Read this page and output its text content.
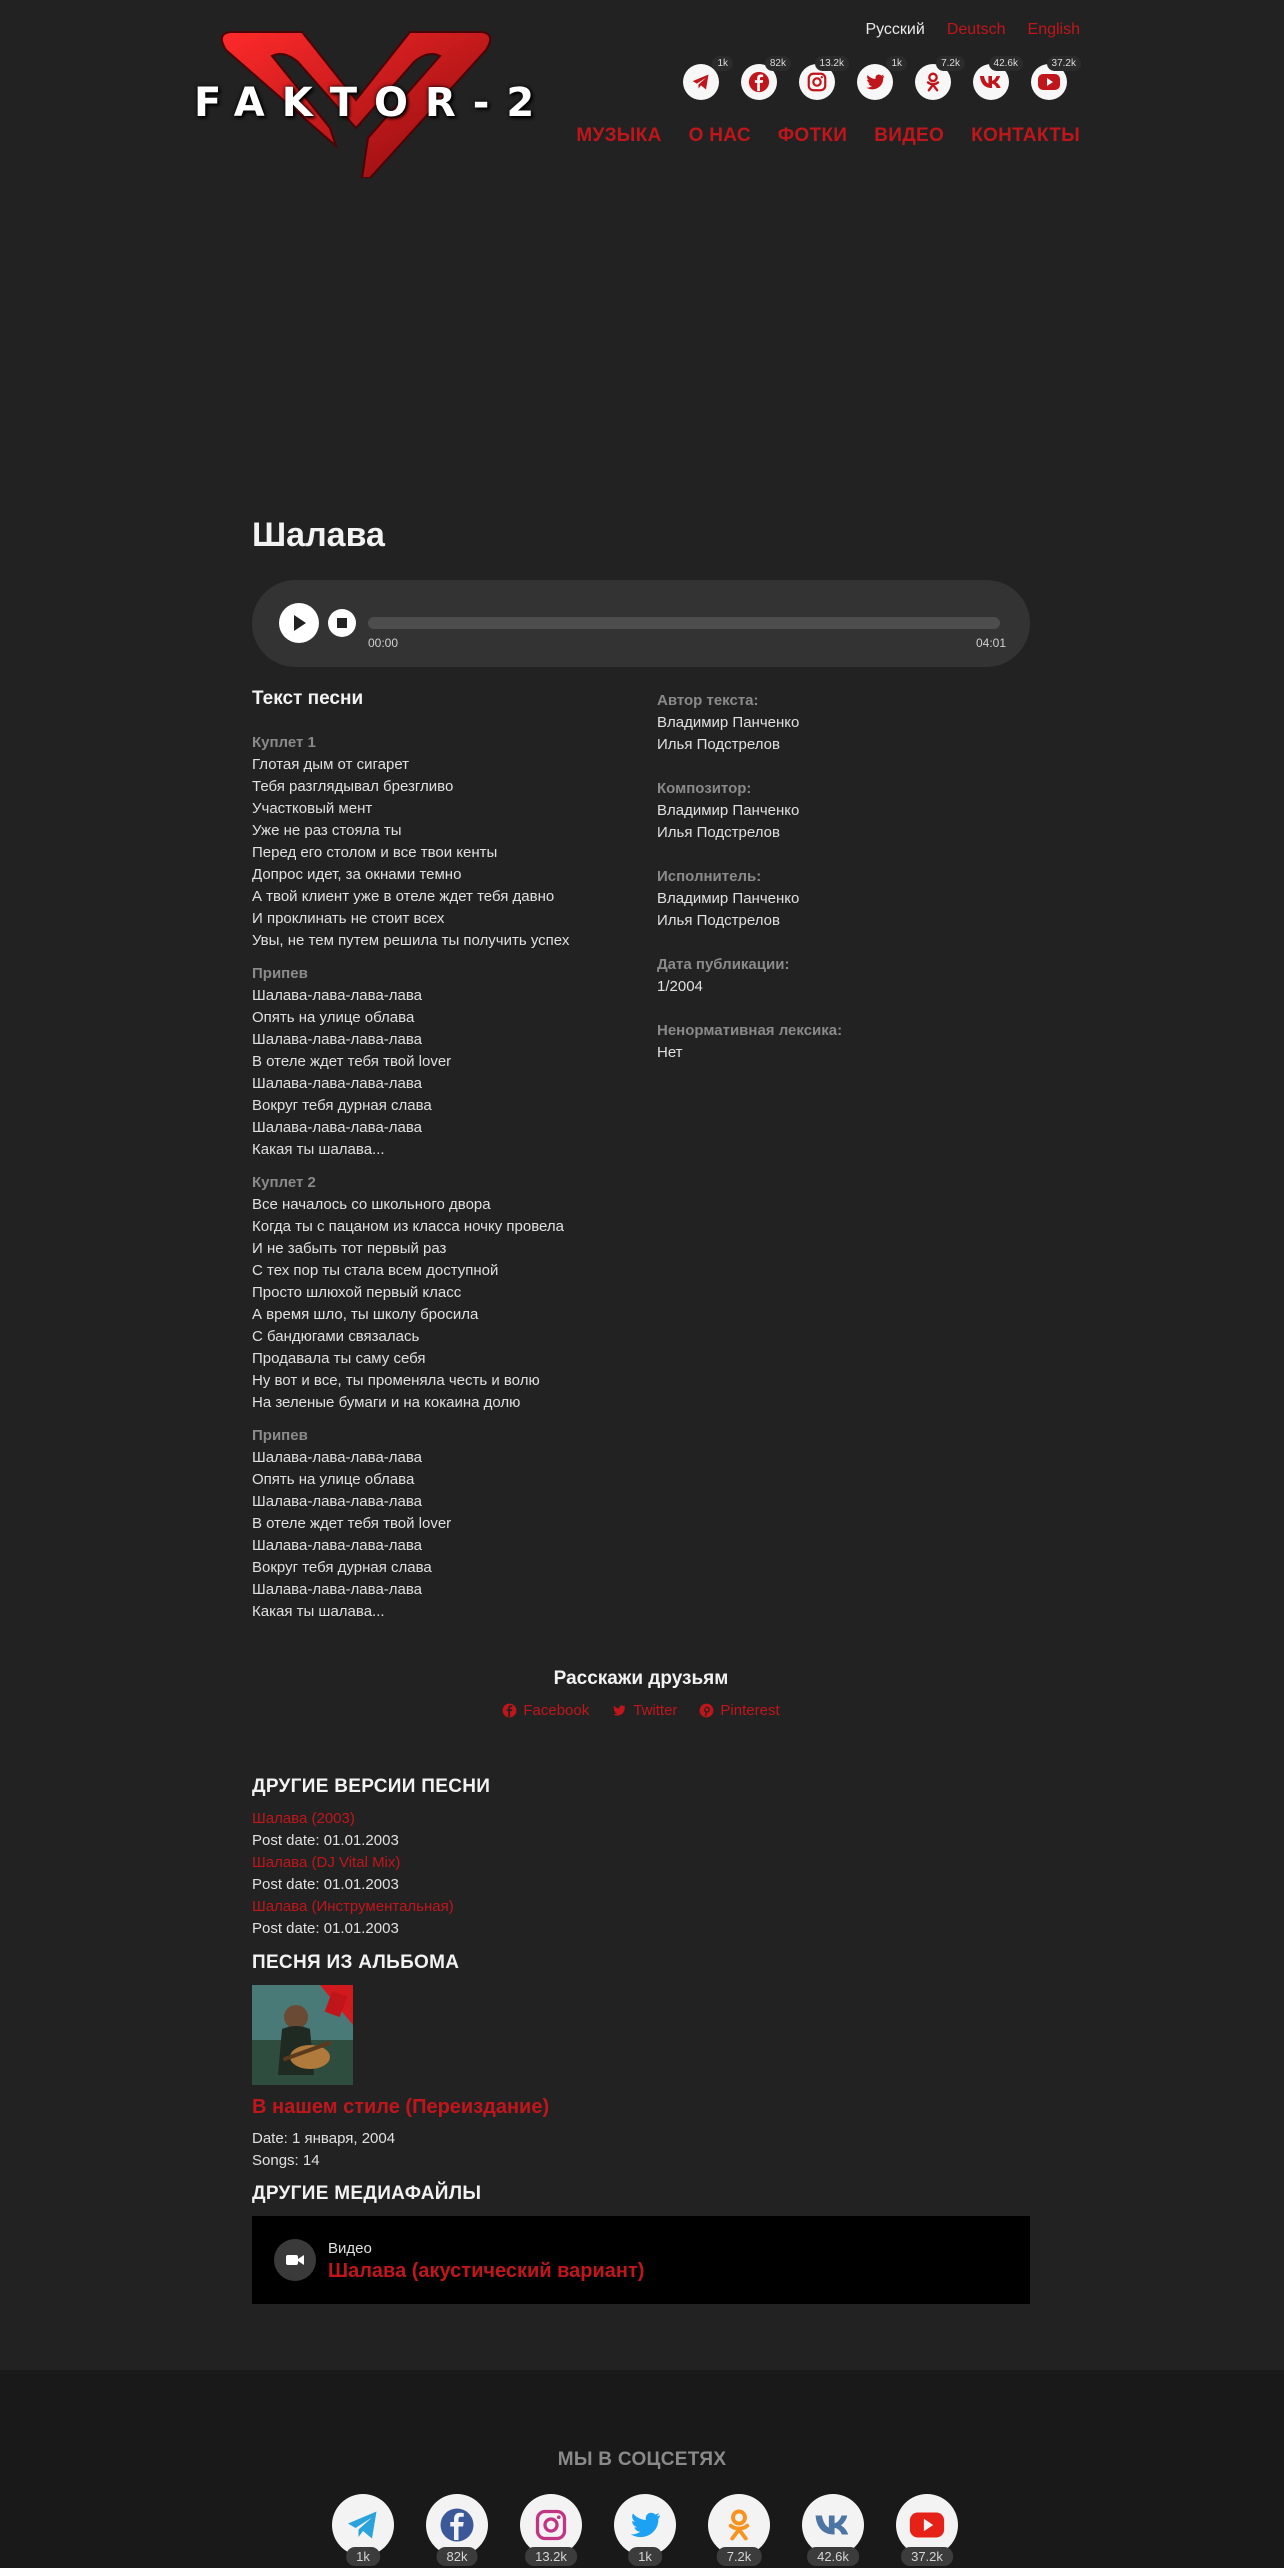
FAKTOR-2
Русский Deutsch English
1k	82k	13.2k	1k	7.2k	42.6k	37.2k
МУЗЫКА О НАС ФОТКИ ВИДЕО КОНТАКТЫ
Шалава
00:00	04:01
Текст песни
Куплет 1
Глотая дым от сигарет
Тебя разглядывал брезгливо
Участковый мент
Уже не раз стояла ты
Перед его столом и все твои кенты
Допрос идет, за окнами темно
А твой клиент уже в отеле ждет тебя давно
И проклинать не стоит всех
Увы, не тем путем решила ты получить успех
Припев
Шалава-лава-лава-лава
Опять на улице облава
Шалава-лава-лава-лава
В отеле ждет тебя твой lover
Шалава-лава-лава-лава
Вокруг тебя дурная слава
Шалава-лава-лава-лава
Какая ты шалава...
Куплет 2
Все началось со школьного двора
Когда ты с пацаном из класса ночку провела
И не забыть тот первый раз
С тех пор ты стала всем доступной
Просто шлюхой первый класс
А время шло, ты школу бросила
С бандюгами связалась
Продавала ты саму себя
Ну вот и все, ты променяла честь и волю
На зеленые бумаги и на кокаина долю
Припев
Шалава-лава-лава-лава
Опять на улице облава
Шалава-лава-лава-лава
В отеле ждет тебя твой lover
Шалава-лава-лава-лава
Вокруг тебя дурная слава
Шалава-лава-лава-лава
Какая ты шалава...
Автор текста:
Владимир Панченко
Илья Подстрелов
Композитор:
Владимир Панченко
Илья Подстрелов
Исполнитель:
Владимир Панченко
Илья Подстрелов
Дата публикации:
1/2004
Ненормативная лексика:
Нет
Расскажи друзьям
Facebook	Twitter	Pinterest
ДРУГИЕ ВЕРСИИ ПЕСНИ
Шалава (2003)
Post date: 01.01.2003
Шалава (DJ Vital Mix)
Post date: 01.01.2003
Шалава (Инструментальная)
Post date: 01.01.2003
ПЕСНЯ ИЗ АЛЬБОМА
В нашем стиле (Переиздание)
Date: 1 января, 2004
Songs: 14
ДРУГИЕ МЕДИАФАЙЛЫ
Видео
Шалава (акустический вариант)
МЫ В СОЦСЕТЯХ
1k	82k	13.2k	1k	7.2k	42.6k	37.2k
